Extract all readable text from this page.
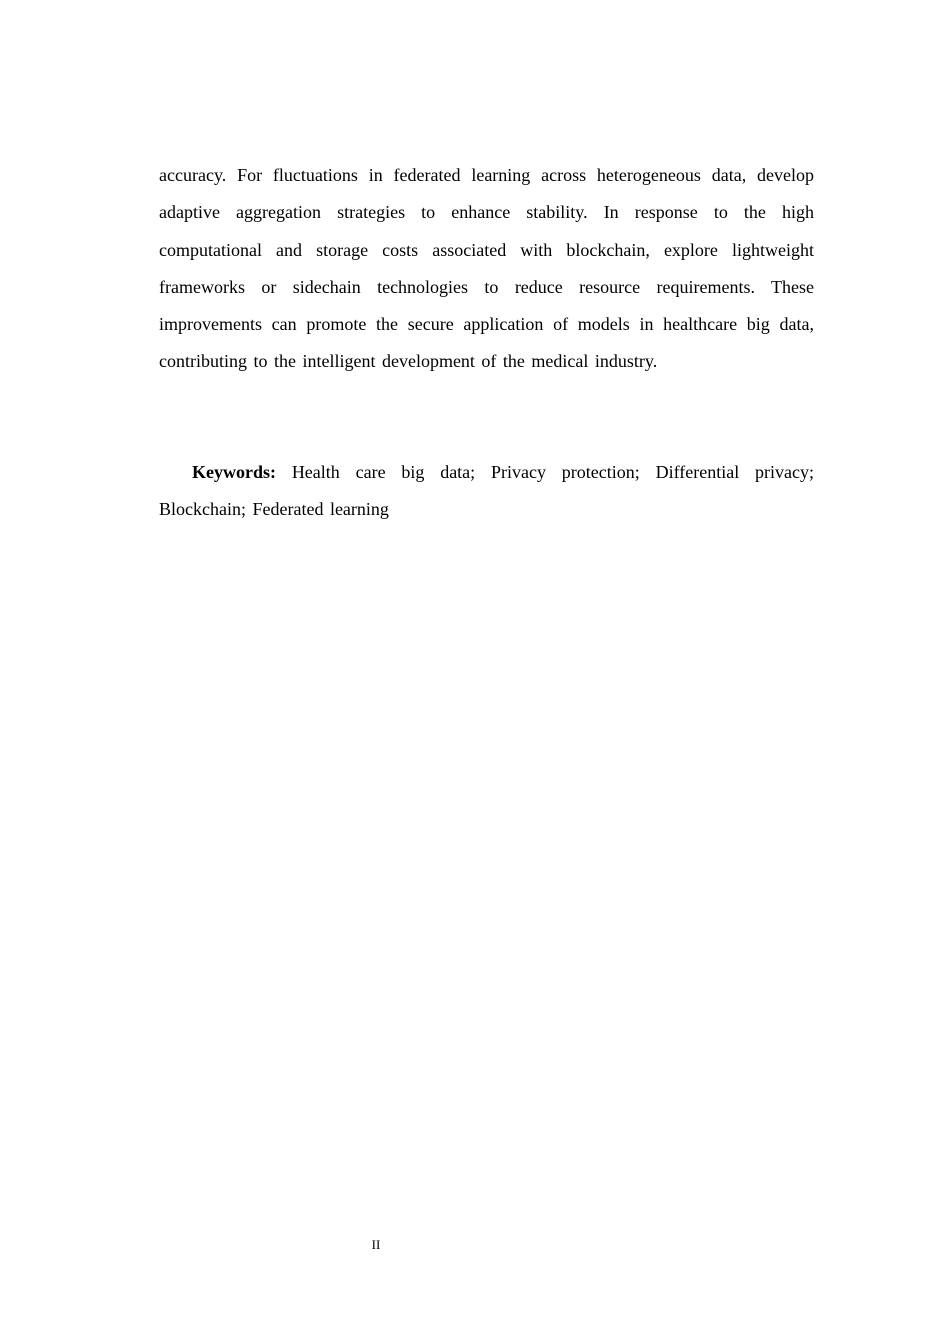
accuracy. For fluctuations in federated learning across heterogeneous data, develop adaptive aggregation strategies to enhance stability. In response to the high computational and storage costs associated with blockchain, explore lightweight frameworks or sidechain technologies to reduce resource requirements. These improvements can promote the secure application of models in healthcare big data, contributing to the intelligent development of the medical industry.

Keywords: Health care big data; Privacy protection; Differential privacy; Blockchain; Federated learning

II
